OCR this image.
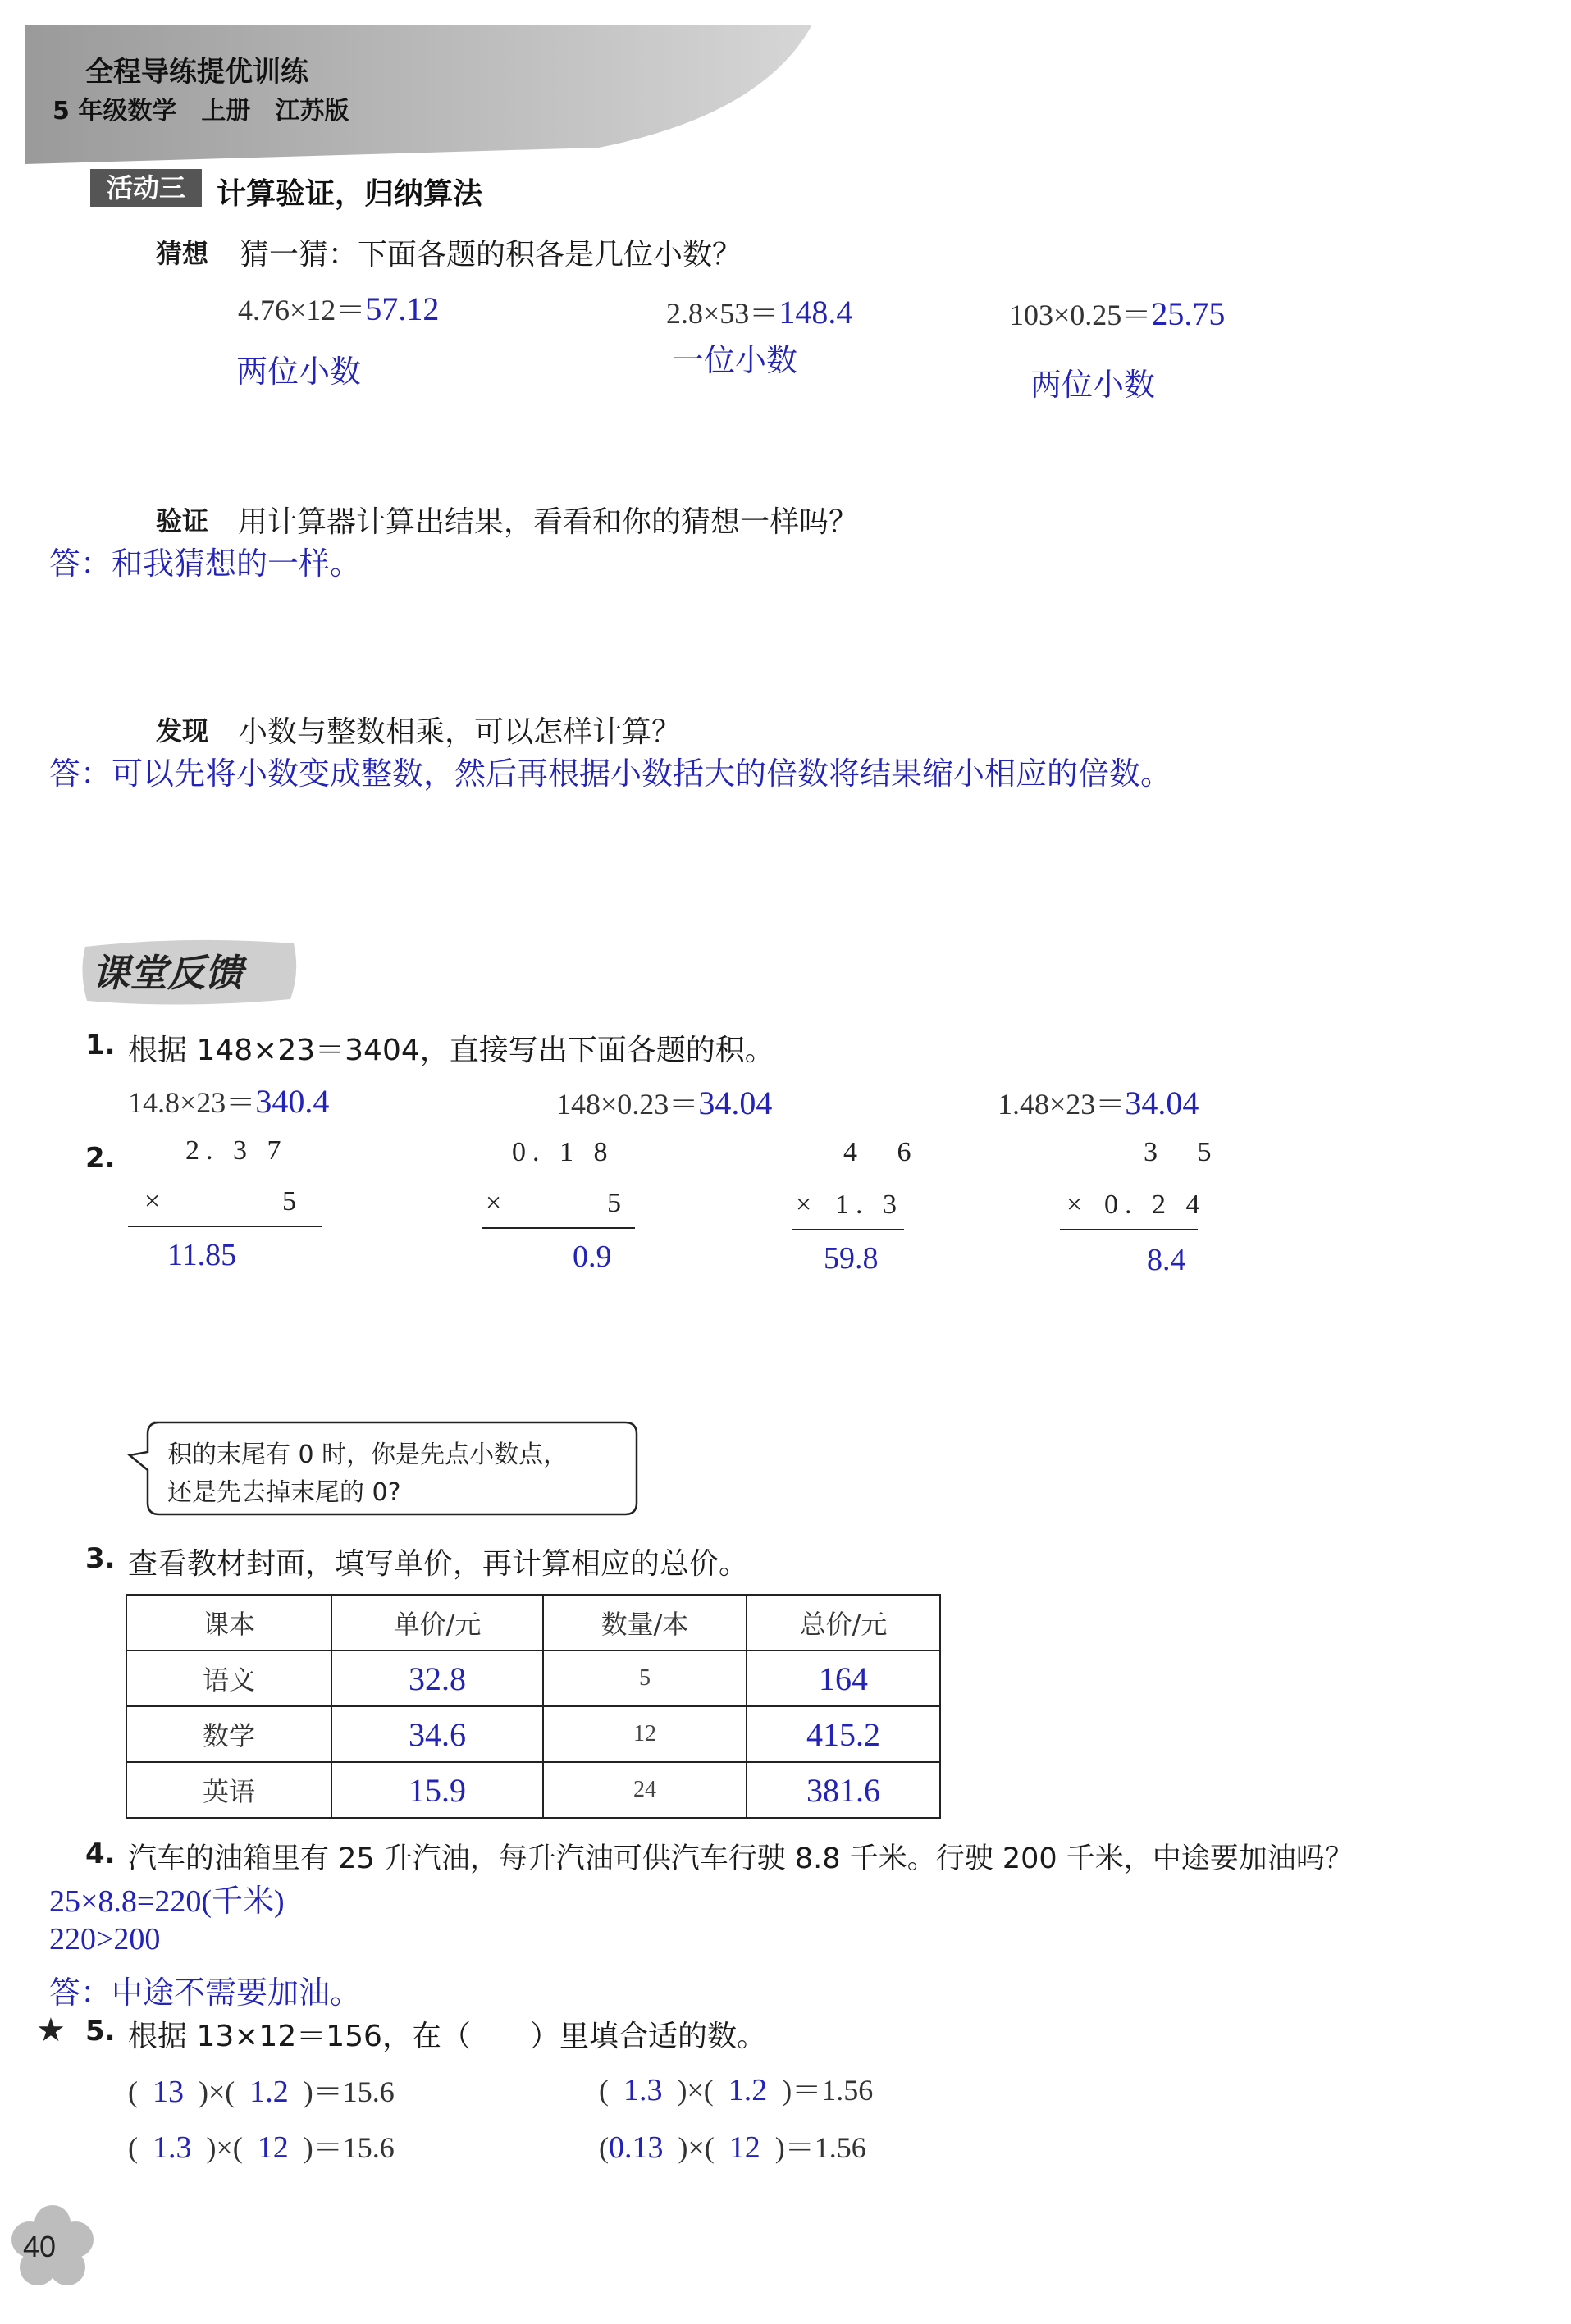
全程导练提优训练
5 年级数学　上册　江苏版
活动三	计算验证，归纳算法
猜想 猜一猜：下面各题的积各是几位小数？
4.76×12＝57.12	2.8×53＝148.4	103×0.25＝25.75
两位小数	一位小数
两位小数
验证 用计算器计算出结果，看看和你的猜想一样吗？
答：和我猜想的一样。
发现 小数与整数相乘，可以怎样计算？
答：可以先将小数变成整数，然后再根据小数括大的倍数将结果缩小相应的倍数。
课堂反馈
1. 根据 148×23＝3404，直接写出下面各题的积。
14.8×23＝340.4	148×0.23＝34.04	1.48×23＝34.04
2.	2. 3 7
×	5
11.85
0. 1 8
×	5
0.9
4 6
× 1. 3
59.8
3 5
× 0. 2 4
8.4
积的末尾有 0 时，你是先点小数点，
还是先去掉末尾的 0?
3. 查看教材封面，填写单价，再计算相应的总价。
课本	单价/元	数量/本	总价/元
语文	32.8	5	164
数学	34.6	12	415.2
英语	15.9	24	381.6
4. 汽车的油箱里有 25 升汽油，每升汽油可供汽车行驶 8.8 千米。行驶 200 千米，中途要加油吗？
25×8.8=220(千米)
220>200
答：中途不需要加油。
★ 5. 根据 13×12＝156，在（　　）里填合适的数。
(  13  )×(  1.2  )＝15.6	(  1.3  )×(  1.2  )＝1.56
(  1.3  )×(  12  )＝15.6	(0.13  )×(  12  )＝1.56
40
